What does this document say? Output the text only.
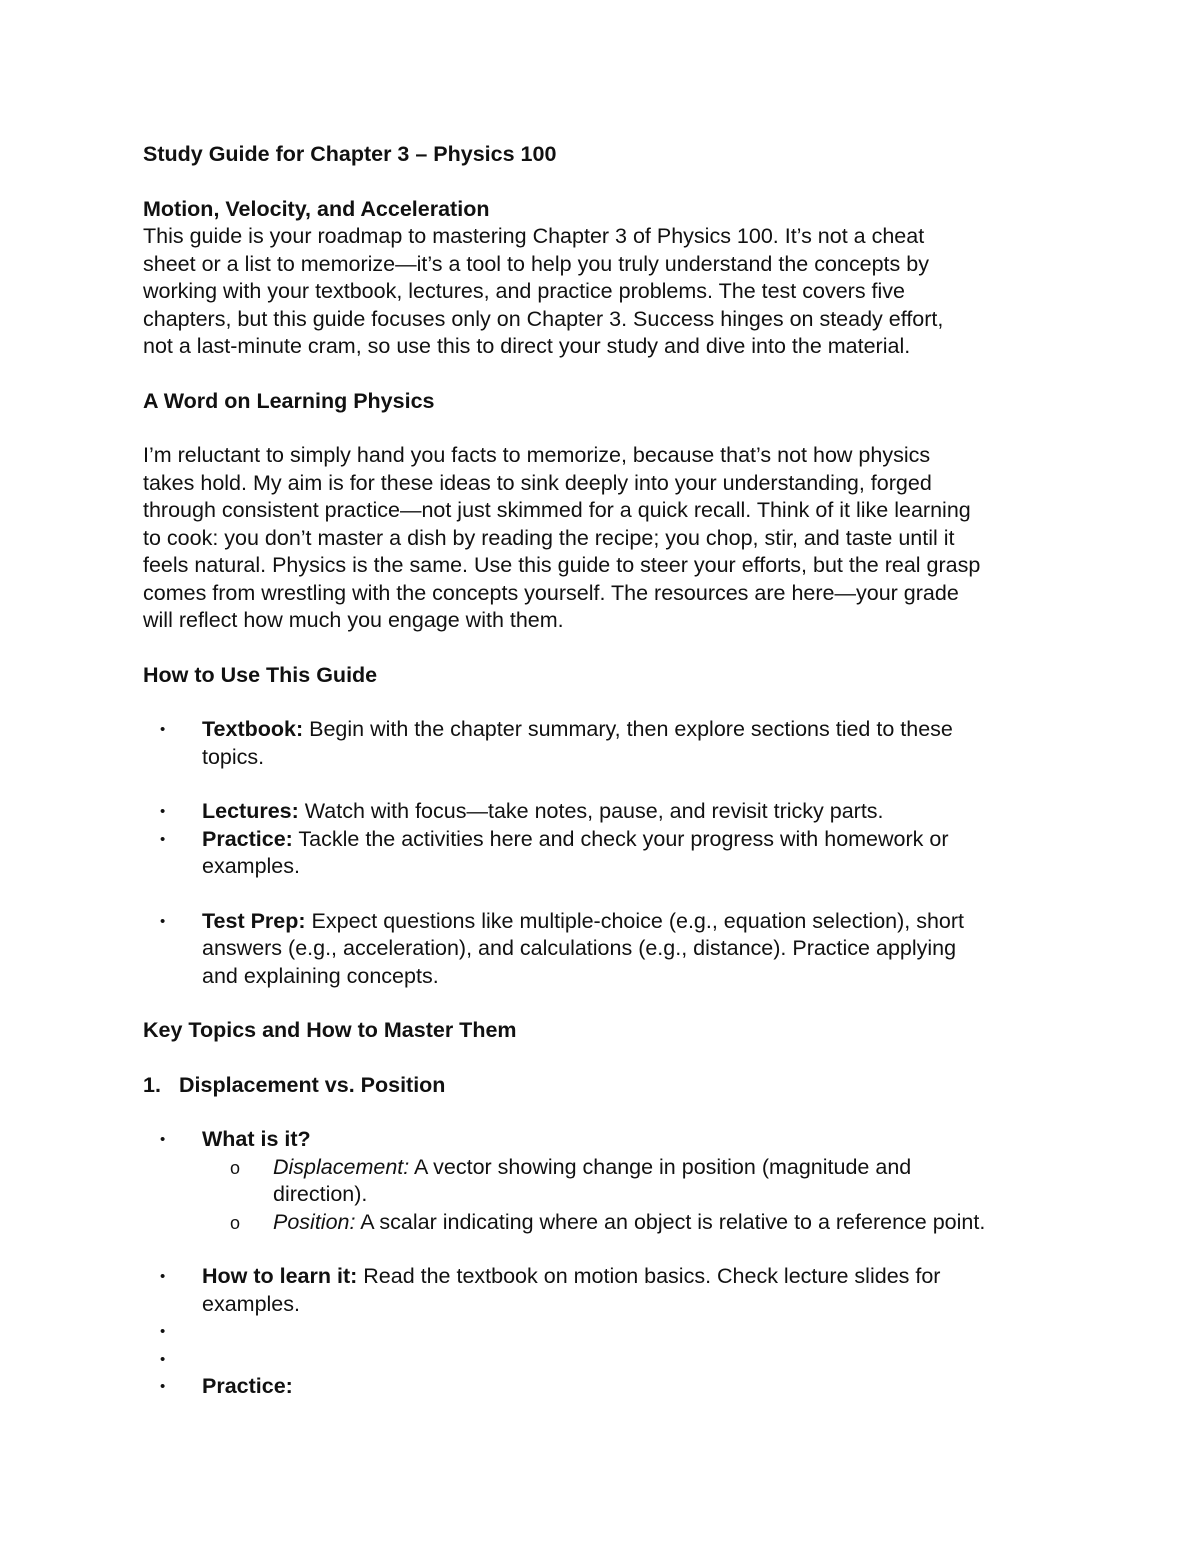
Study Guide for Chapter 3 – Physics 100

Motion, Velocity, and Acceleration

This guide is your roadmap to mastering Chapter 3 of Physics 100. It’s not a cheat

sheet or a list to memorize—it’s a tool to help you truly understand the concepts by

working with your textbook, lectures, and practice problems. The test covers five

chapters, but this guide focuses only on Chapter 3. Success hinges on steady effort,

not a last-minute cram, so use this to direct your study and dive into the material.

A Word on Learning Physics

I’m reluctant to simply hand you facts to memorize, because that’s not how physics

takes hold. My aim is for these ideas to sink deeply into your understanding, forged

through consistent practice—not just skimmed for a quick recall. Think of it like learning

to cook: you don’t master a dish by reading the recipe; you chop, stir, and taste until it

feels natural. Physics is the same. Use this guide to steer your efforts, but the real grasp

comes from wrestling with the concepts yourself. The resources are here—your grade

will reflect how much you engage with them.

How to Use This Guide

• Textbook: Begin with the chapter summary, then explore sections tied to these

topics.

• Lectures: Watch with focus—take notes, pause, and revisit tricky parts.

• Practice: Tackle the activities here and check your progress with homework or

examples.

• Test Prep: Expect questions like multiple-choice (e.g., equation selection), short

answers (e.g., acceleration), and calculations (e.g., distance). Practice applying

and explaining concepts.

Key Topics and How to Master Them

1. Displacement vs. Position
• What is it?

o Displacement: A vector showing change in position (magnitude and

direction).

o Position: A scalar indicating where an object is relative to a reference point.

• How to learn it: Read the textbook on motion basics. Check lecture slides for

examples.

•

•

• Practice:
